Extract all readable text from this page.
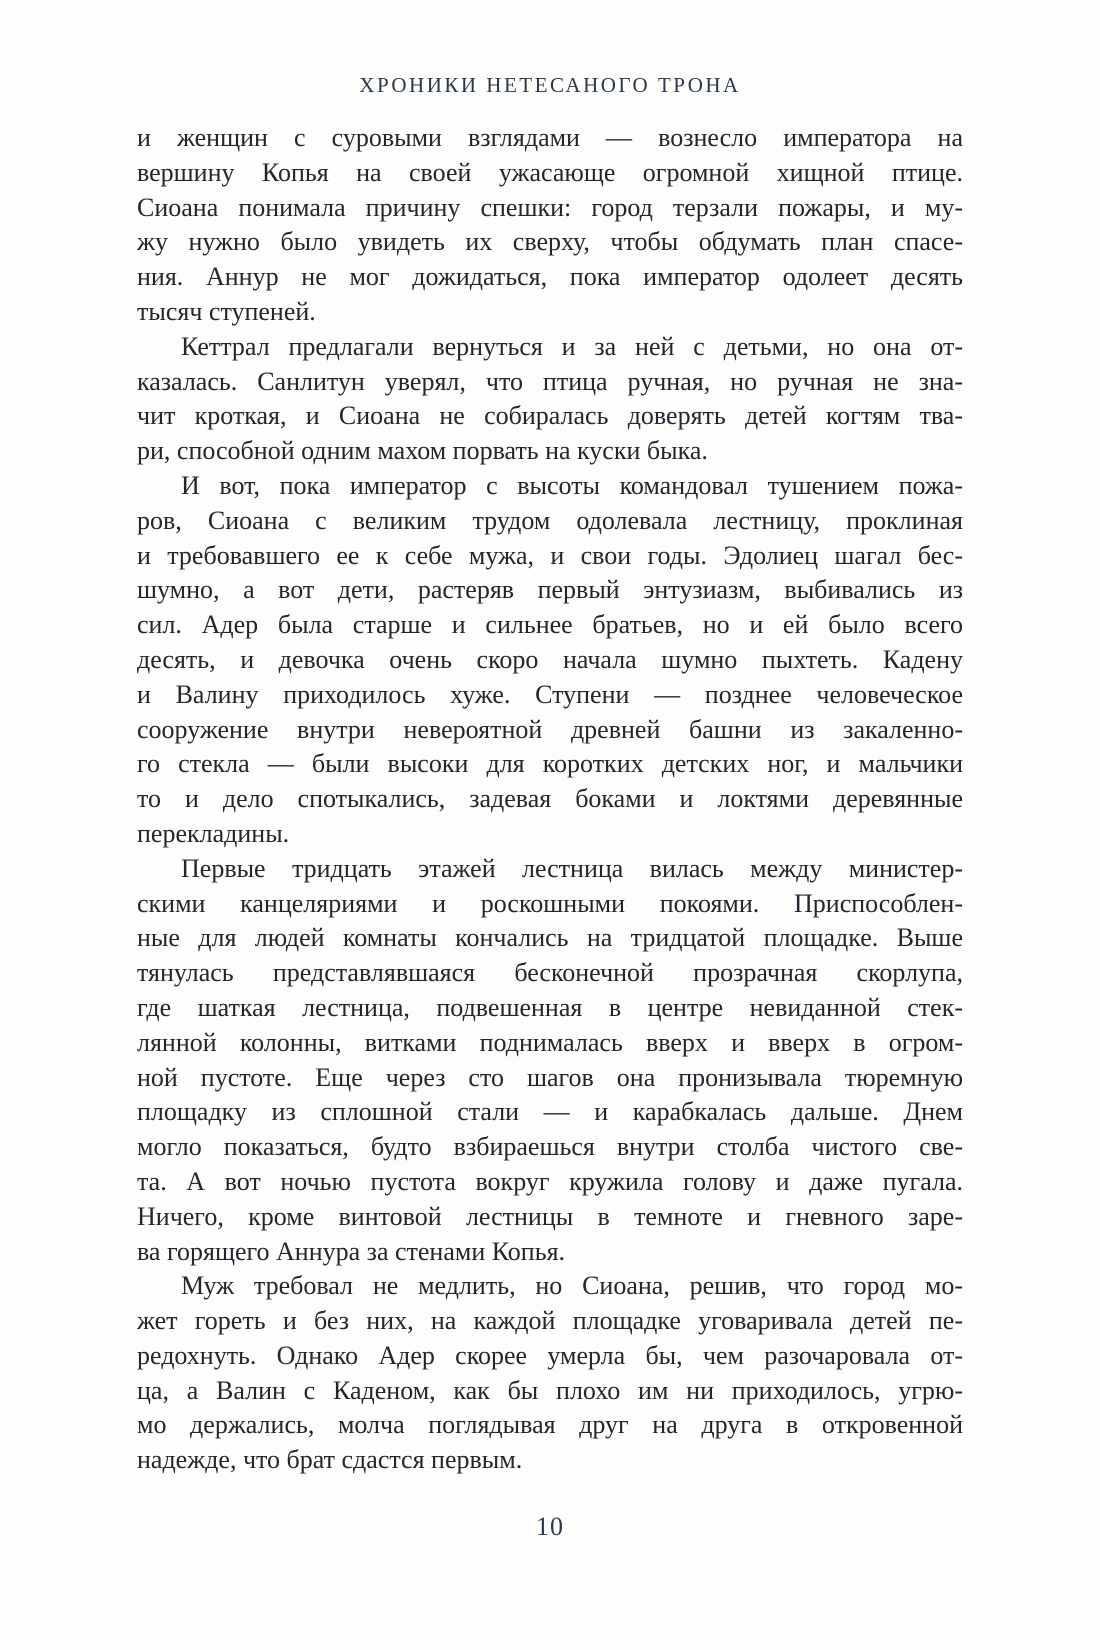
ХРОНИКИ НЕТЕСАНОГО ТРОНА
и женщин с суровыми взглядами — вознесло императора на
вершину Копья на своей ужасающе огромной хищной птице.
Сиоана понимала причину спешки: город терзали пожары, и му-
жу нужно было увидеть их сверху, чтобы обдумать план спасе-
ния. Аннур не мог дожидаться, пока император одолеет десять
тысяч ступеней.
Кеттрал предлагали вернуться и за ней с детьми, но она от-
казалась. Санлитун уверял, что птица ручная, но ручная не зна-
чит кроткая, и Сиоана не собиралась доверять детей когтям тва-
ри, способной одним махом порвать на куски быка.
И вот, пока император с высоты командовал тушением пожа-
ров, Сиоана с великим трудом одолевала лестницу, проклиная
и требовавшего ее к себе мужа, и свои годы. Эдолиец шагал бес-
шумно, а вот дети, растеряв первый энтузиазм, выбивались из
сил. Адер была старше и сильнее братьев, но и ей было всего
десять, и девочка очень скоро начала шумно пыхтеть. Кадену
и Валину приходилось хуже. Ступени — позднее человеческое
сооружение внутри невероятной древней башни из закаленно-
го стекла — были высоки для коротких детских ног, и мальчики
то и дело спотыкались, задевая боками и локтями деревянные
перекладины.
Первые тридцать этажей лестница вилась между министер-
скими канцеляриями и роскошными покоями. Приспособлен-
ные для людей комнаты кончались на тридцатой площадке. Выше
тянулась представлявшаяся бесконечной прозрачная скорлупа,
где шаткая лестница, подвешенная в центре невиданной стек-
лянной колонны, витками поднималась вверх и вверх в огром-
ной пустоте. Еще через сто шагов она пронизывала тюремную
площадку из сплошной стали — и карабкалась дальше. Днем
могло показаться, будто взбираешься внутри столба чистого све-
та. А вот ночью пустота вокруг кружила голову и даже пугала.
Ничего, кроме винтовой лестницы в темноте и гневного заре-
ва горящего Аннура за стенами Копья.
Муж требовал не медлить, но Сиоана, решив, что город мо-
жет гореть и без них, на каждой площадке уговаривала детей пе-
редохнуть. Однако Адер скорее умерла бы, чем разочаровала от-
ца, а Валин с Каденом, как бы плохо им ни приходилось, угрю-
мо держались, молча поглядывая друг на друга в откровенной
надежде, что брат сдастся первым.
10
